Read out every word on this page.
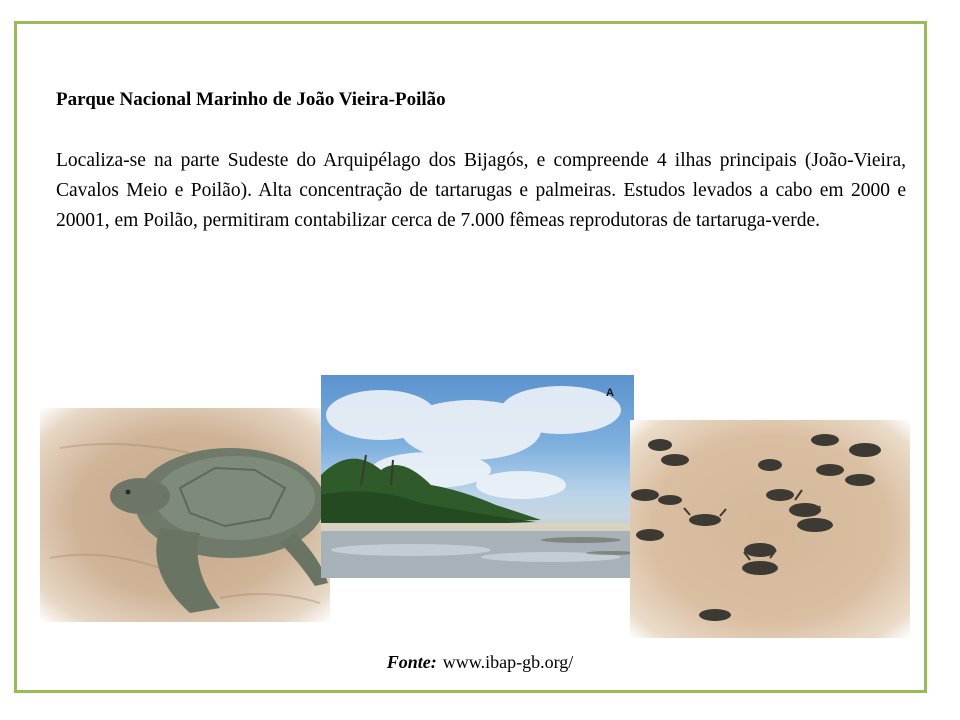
Parque Nacional Marinho de João Vieira-Poilão

Localiza-se na parte Sudeste do Arquipélago dos Bijagós, e compreende 4 ilhas principais (João-Vieira, Cavalos Meio e Poilão). Alta concentração de tartarugas e palmeiras. Estudos levados a cabo em 2000 e 20001, em Poilão, permitiram contabilizar cerca de 7.000 fêmeas reprodutoras de tartaruga-verde.

A
Fonte: www.ibap-gb.org/
